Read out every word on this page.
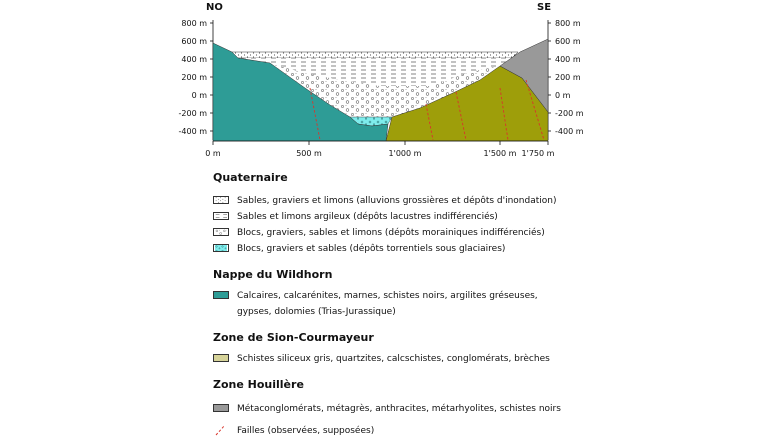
NO	SE
800 m
600 m
400 m
200 m
0 m
-200 m
-400 m
800 m
600 m
400 m
200 m
0 m
-200 m
-400 m
0 m	500 m	1'000 m	1'500 m 1'750 m
Quaternaire
Sables, graviers et limons (alluvions grossières et dépôts d'inondation)
Sables et limons argileux (dépôts lacustres indifférenciés)
Blocs, graviers, sables et limons (dépôts morainiques indifférenciés)
Blocs, graviers et sables (dépôts torrentiels sous glaciaires)
Nappe du Wildhorn
Calcaires, calcarénites, marnes, schistes noirs, argilites gréseuses,
gypses, dolomies (Trias-Jurassique)
Zone de Sion-Courmayeur
Schistes siliceux gris, quartzites, calcschistes, conglomérats, brèches
Zone Houillère
Métaconglomérats, métagrès, anthracites, métarhyolites, schistes noirs
Failles (observées, supposées)
